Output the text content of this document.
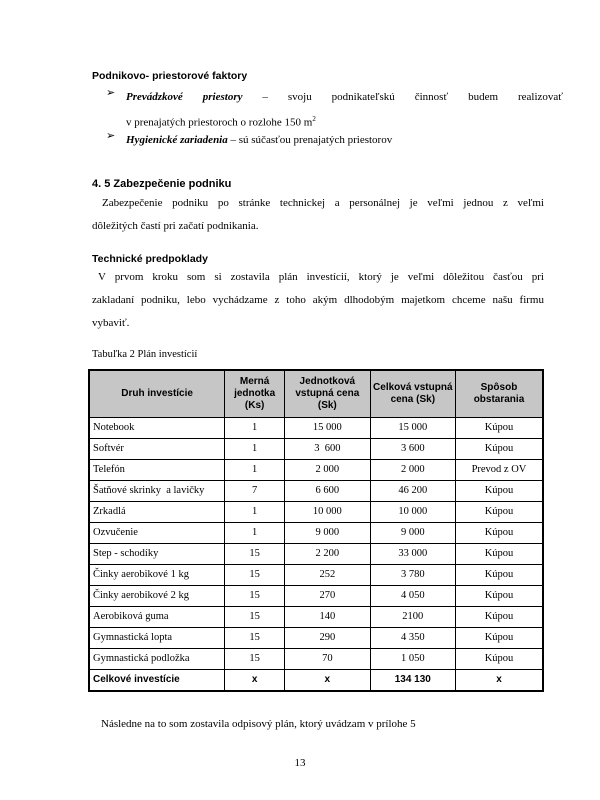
Podnikovo- priestorové faktory
➢ Prevádzkové priestory – svoju podnikateľskú činnosť budem realizovať
v prenajatých priestoroch o rozlohe 150 $m^2$
➢ Hygienické zariadenia – sú súčasťou prenajatých priestorov
4. 5 Zabezpečenie podniku
Zabezpečenie podniku po stránke technickej a personálnej je veľmi jednou z veľmi
dôležitých častí pri začatí podnikania.
Technické predpoklady
V prvom kroku som si zostavila plán investícií, ktorý je veľmi dôležitou časťou pri
zakladaní podniku, lebo vychádzame z toho akým dlhodobým majetkom chceme našu firmu
vybaviť.
Tabuľka 2 Plán investícií
Druh investície	Merná jednotka (Ks)	Jednotková vstupná cena (Sk)	Celková vstupná cena (Sk)	Spôsob obstarania
Notebook	1	15 000	15 000	Kúpou
Softvér	1	3  600	3 600	Kúpou
Telefón	1	2 000	2 000	Prevod z OV
Šatňové skrinky  a lavičky	7	6 600	46 200	Kúpou
Zrkadlá	1	10 000	10 000	Kúpou
Ozvučenie	1	9 000	9 000	Kúpou
Step - schodíky	15	2 200	33 000	Kúpou
Činky aerobikové 1 kg	15	252	3 780	Kúpou
Činky aerobikové 2 kg	15	270	4 050	Kúpou
Aerobiková guma	15	140	2100	Kúpou
Gymnastická lopta	15	290	4 350	Kúpou
Gymnastická podložka	15	70	1 050	Kúpou
Celkové investície	x	x	134 130	x
Následne na to som zostavila odpisový plán, ktorý uvádzam v prílohe 5
13
